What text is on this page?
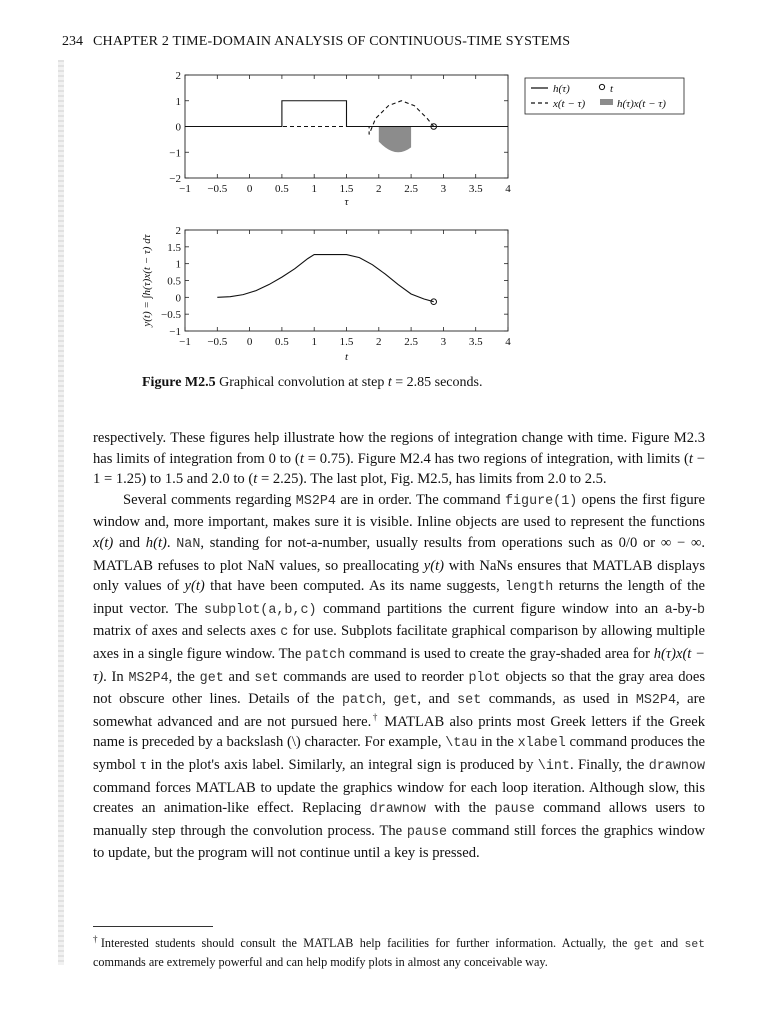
234 CHAPTER 2 TIME-DOMAIN ANALYSIS OF CONTINUOUS-TIME SYSTEMS
−1 −0.5 0 0.5 1 1.5 2 2.5 3 3.5 4
2
1
0
−1
−2
τ
−1 −0.5 0 0.5 1 1.5 2 2.5 3 3.5 4
2
1.5
1
0.5
0
−0.5
−1
t
y(t) = ∫h(τ)x(t − τ) dτ
h(τ)	t
x(t − τ)	h(τ)x(t − τ)
Figure M2.5 Graphical convolution at step t = 2.85 seconds.

respectively. These figures help illustrate how the regions of integration change with time. Figure M2.3 has limits of integration from 0 to (t = 0.75). Figure M2.4 has two regions of integration, with limits (t − 1 = 1.25) to 1.5 and 2.0 to (t = 2.25). The last plot, Fig. M2.5, has limits from 2.0 to 2.5.

Several comments regarding MS2P4 are in order. The command figure(1) opens the first figure window and, more important, makes sure it is visible. Inline objects are used to represent the functions x(t) and h(t). NaN, standing for not-a-number, usually results from operations such as 0/0 or ∞ − ∞. MATLAB refuses to plot NaN values, so preallocating y(t) with NaNs ensures that MATLAB displays only values of y(t) that have been computed. As its name suggests, length returns the length of the input vector. The subplot(a,b,c) command partitions the current figure window into an a-by-b matrix of axes and selects axes c for use. Subplots facilitate graphical comparison by allowing multiple axes in a single figure window. The patch command is used to create the gray-shaded area for h(τ)x(t − τ). In MS2P4, the get and set commands are used to reorder plot objects so that the gray area does not obscure other lines. Details of the patch, get, and set commands, as used in MS2P4, are somewhat advanced and are not pursued here.† MATLAB also prints most Greek letters if the Greek name is preceded by a backslash (\) character. For example, \tau in the xlabel command produces the symbol τ in the plot's axis label. Similarly, an integral sign is produced by \int. Finally, the drawnow command forces MATLAB to update the graphics window for each loop iteration. Although slow, this creates an animation-like effect. Replacing drawnow with the pause command allows users to manually step through the convolution process. The pause command still forces the graphics window to update, but the program will not continue until a key is pressed.

†Interested students should consult the MATLAB help facilities for further information. Actually, the get and set commands are extremely powerful and can help modify plots in almost any conceivable way.
